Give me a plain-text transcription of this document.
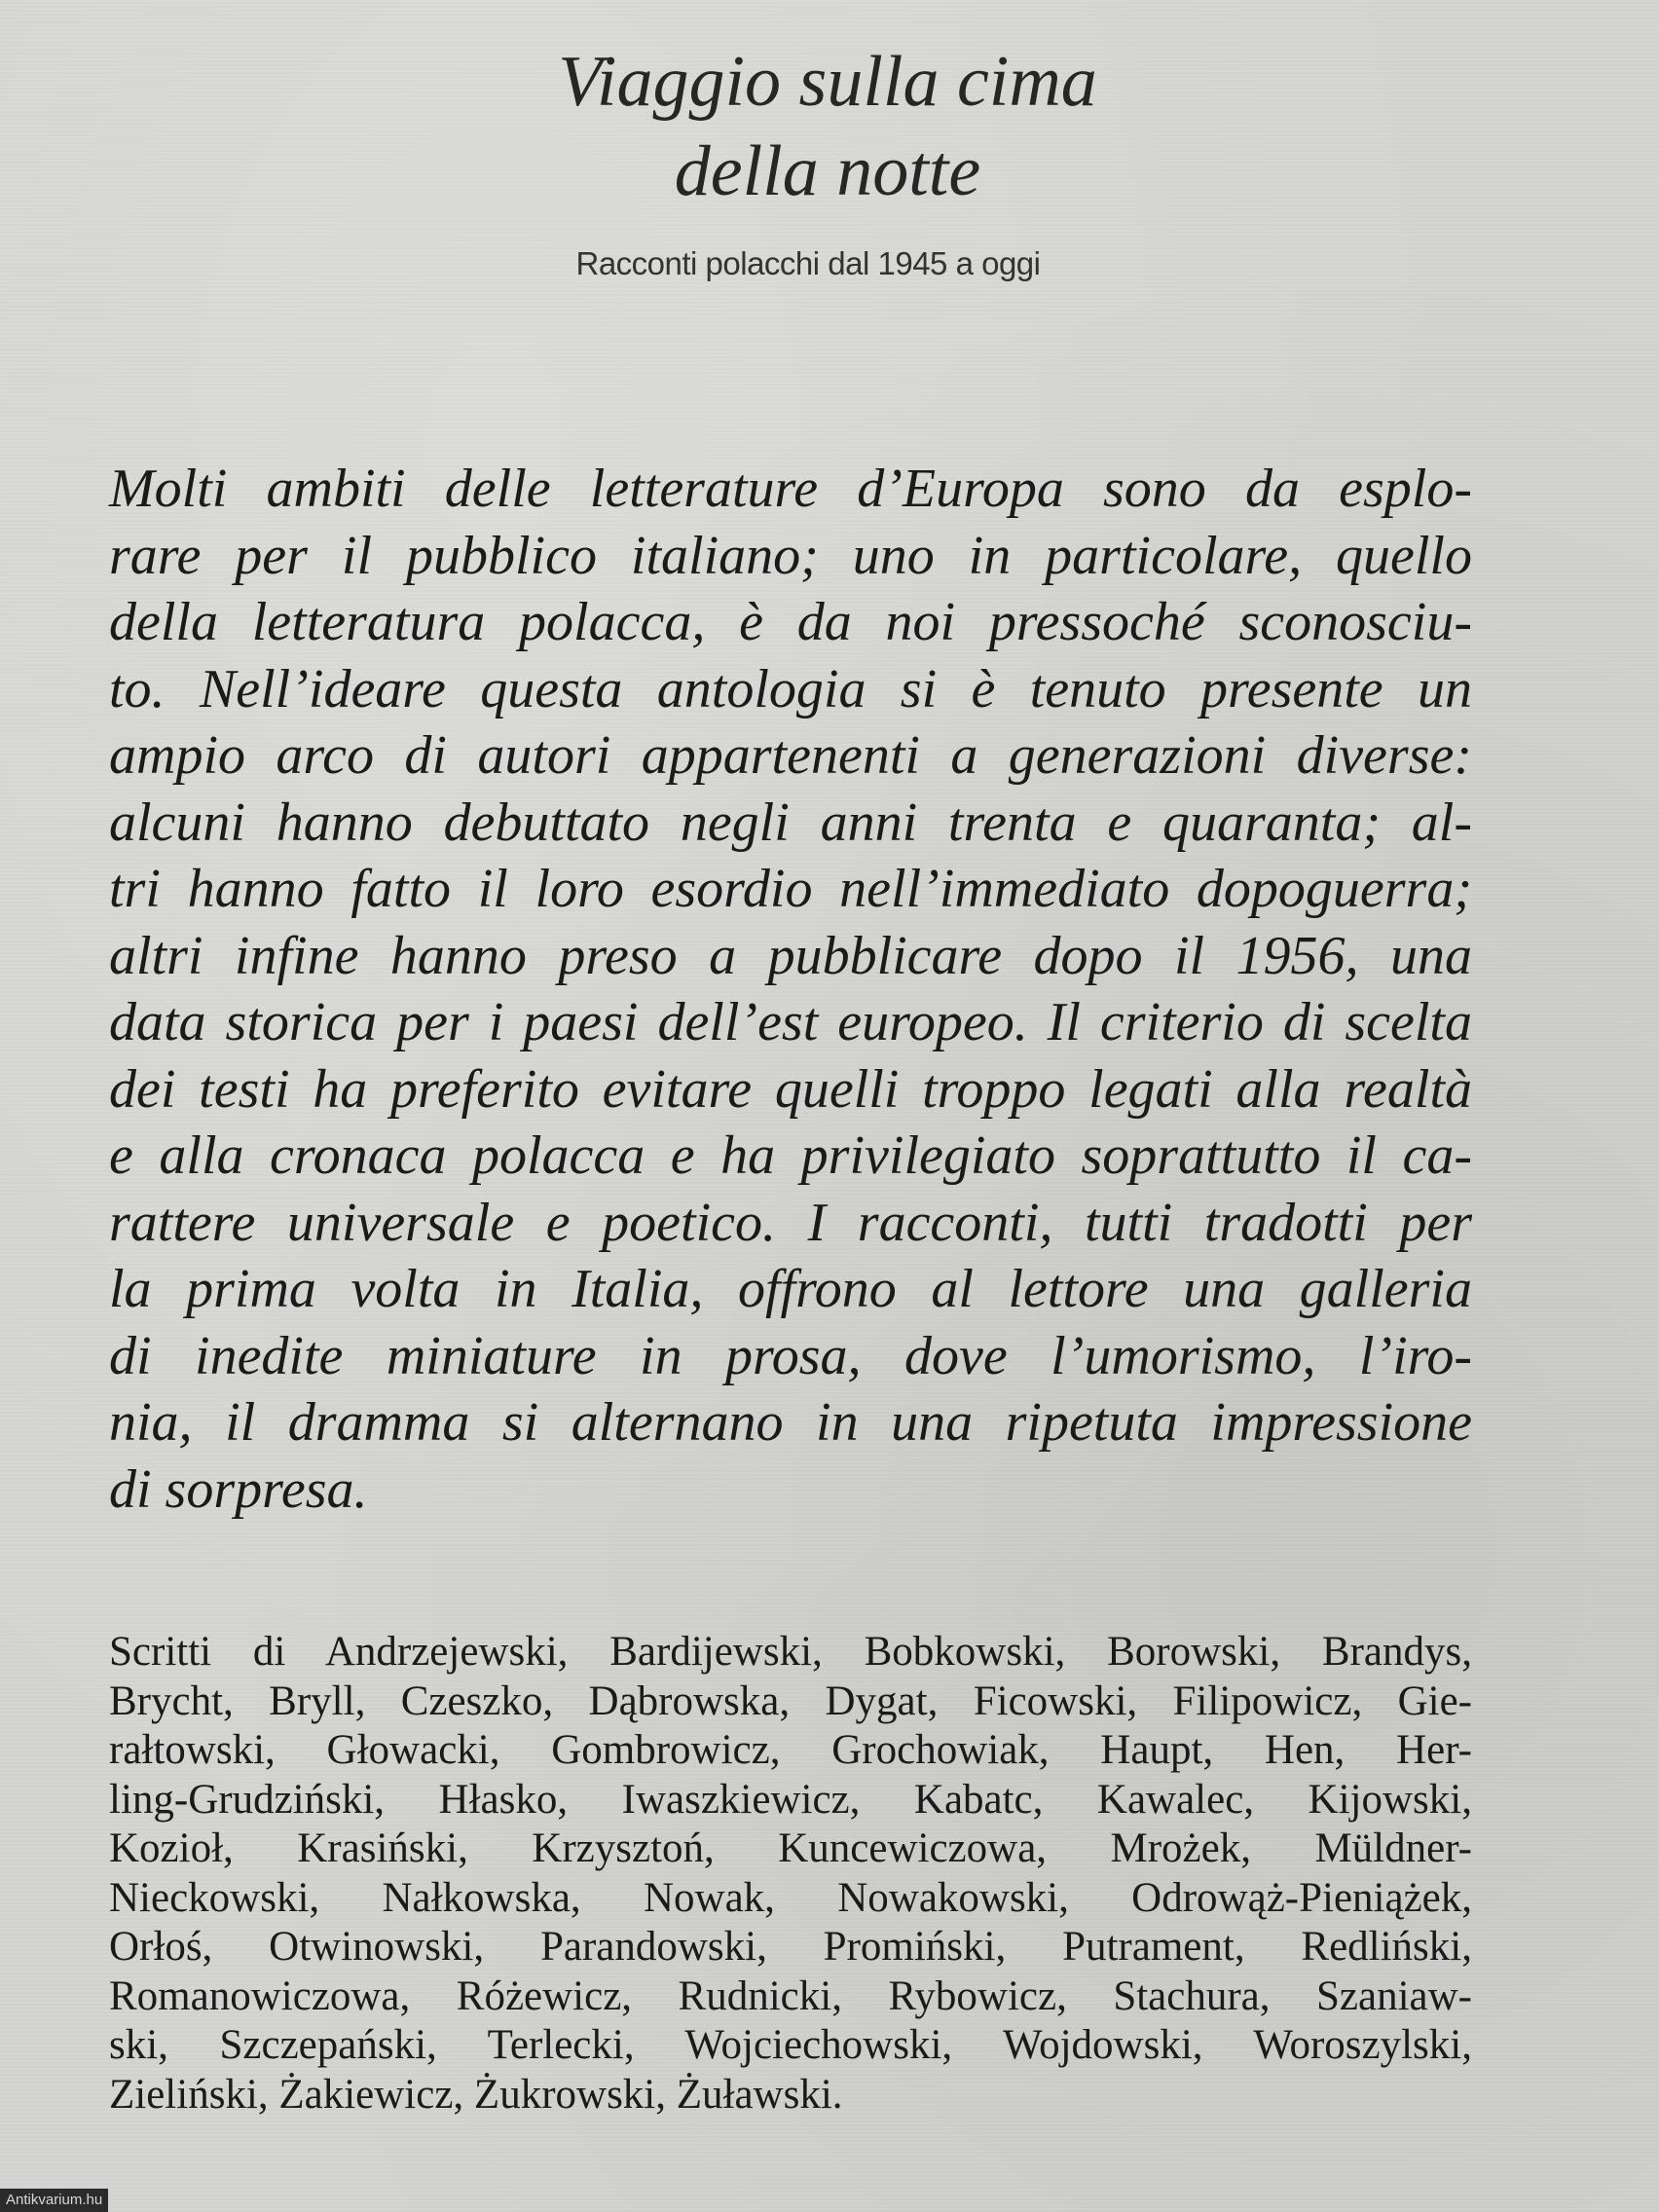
Viaggio sulla cima

della notte

Racconti polacchi dal 1945 a oggi
Molti ambiti delle letterature d’Europa sono da esplo-
rare per il pubblico italiano; uno in particolare, quello
della letteratura polacca, è da noi pressoché sconosciu-
to. Nell’ideare questa antologia si è tenuto presente un
ampio arco di autori appartenenti a generazioni diverse:
alcuni hanno debuttato negli anni trenta e quaranta; al-
tri hanno fatto il loro esordio nell’immediato dopoguerra;
altri infine hanno preso a pubblicare dopo il 1956, una
data storica per i paesi dell’est europeo. Il criterio di scelta
dei testi ha preferito evitare quelli troppo legati alla realtà
e alla cronaca polacca e ha privilegiato soprattutto il ca-
rattere universale e poetico. I racconti, tutti tradotti per
la prima volta in Italia, offrono al lettore una galleria
di inedite miniature in prosa, dove l’umorismo, l’iro-
nia, il dramma si alternano in una ripetuta impressione
di sorpresa.
Scritti di Andrzejewski, Bardijewski, Bobkowski, Borowski, Brandys,
Brycht, Bryll, Czeszko, Dąbrowska, Dygat, Ficowski, Filipowicz, Gie-
rałtowski, Głowacki, Gombrowicz, Grochowiak, Haupt, Hen, Her-
ling-Grudziński, Hłasko, Iwaszkiewicz, Kabatc, Kawalec, Kijowski,
Kozioł, Krasiński, Krzysztoń, Kuncewiczowa, Mrożek, Müldner-
Nieckowski, Nałkowska, Nowak, Nowakowski, Odrowąż-Pieniążek,
Orłoś, Otwinowski, Parandowski, Promiński, Putrament, Redliński,
Romanowiczowa, Różewicz, Rudnicki, Rybowicz, Stachura, Szaniaw-
ski, Szczepański, Terlecki, Wojciechowski, Wojdowski, Woroszylski,
Zieliński, Żakiewicz, Żukrowski, Żuławski.
Antikvarium.hu
